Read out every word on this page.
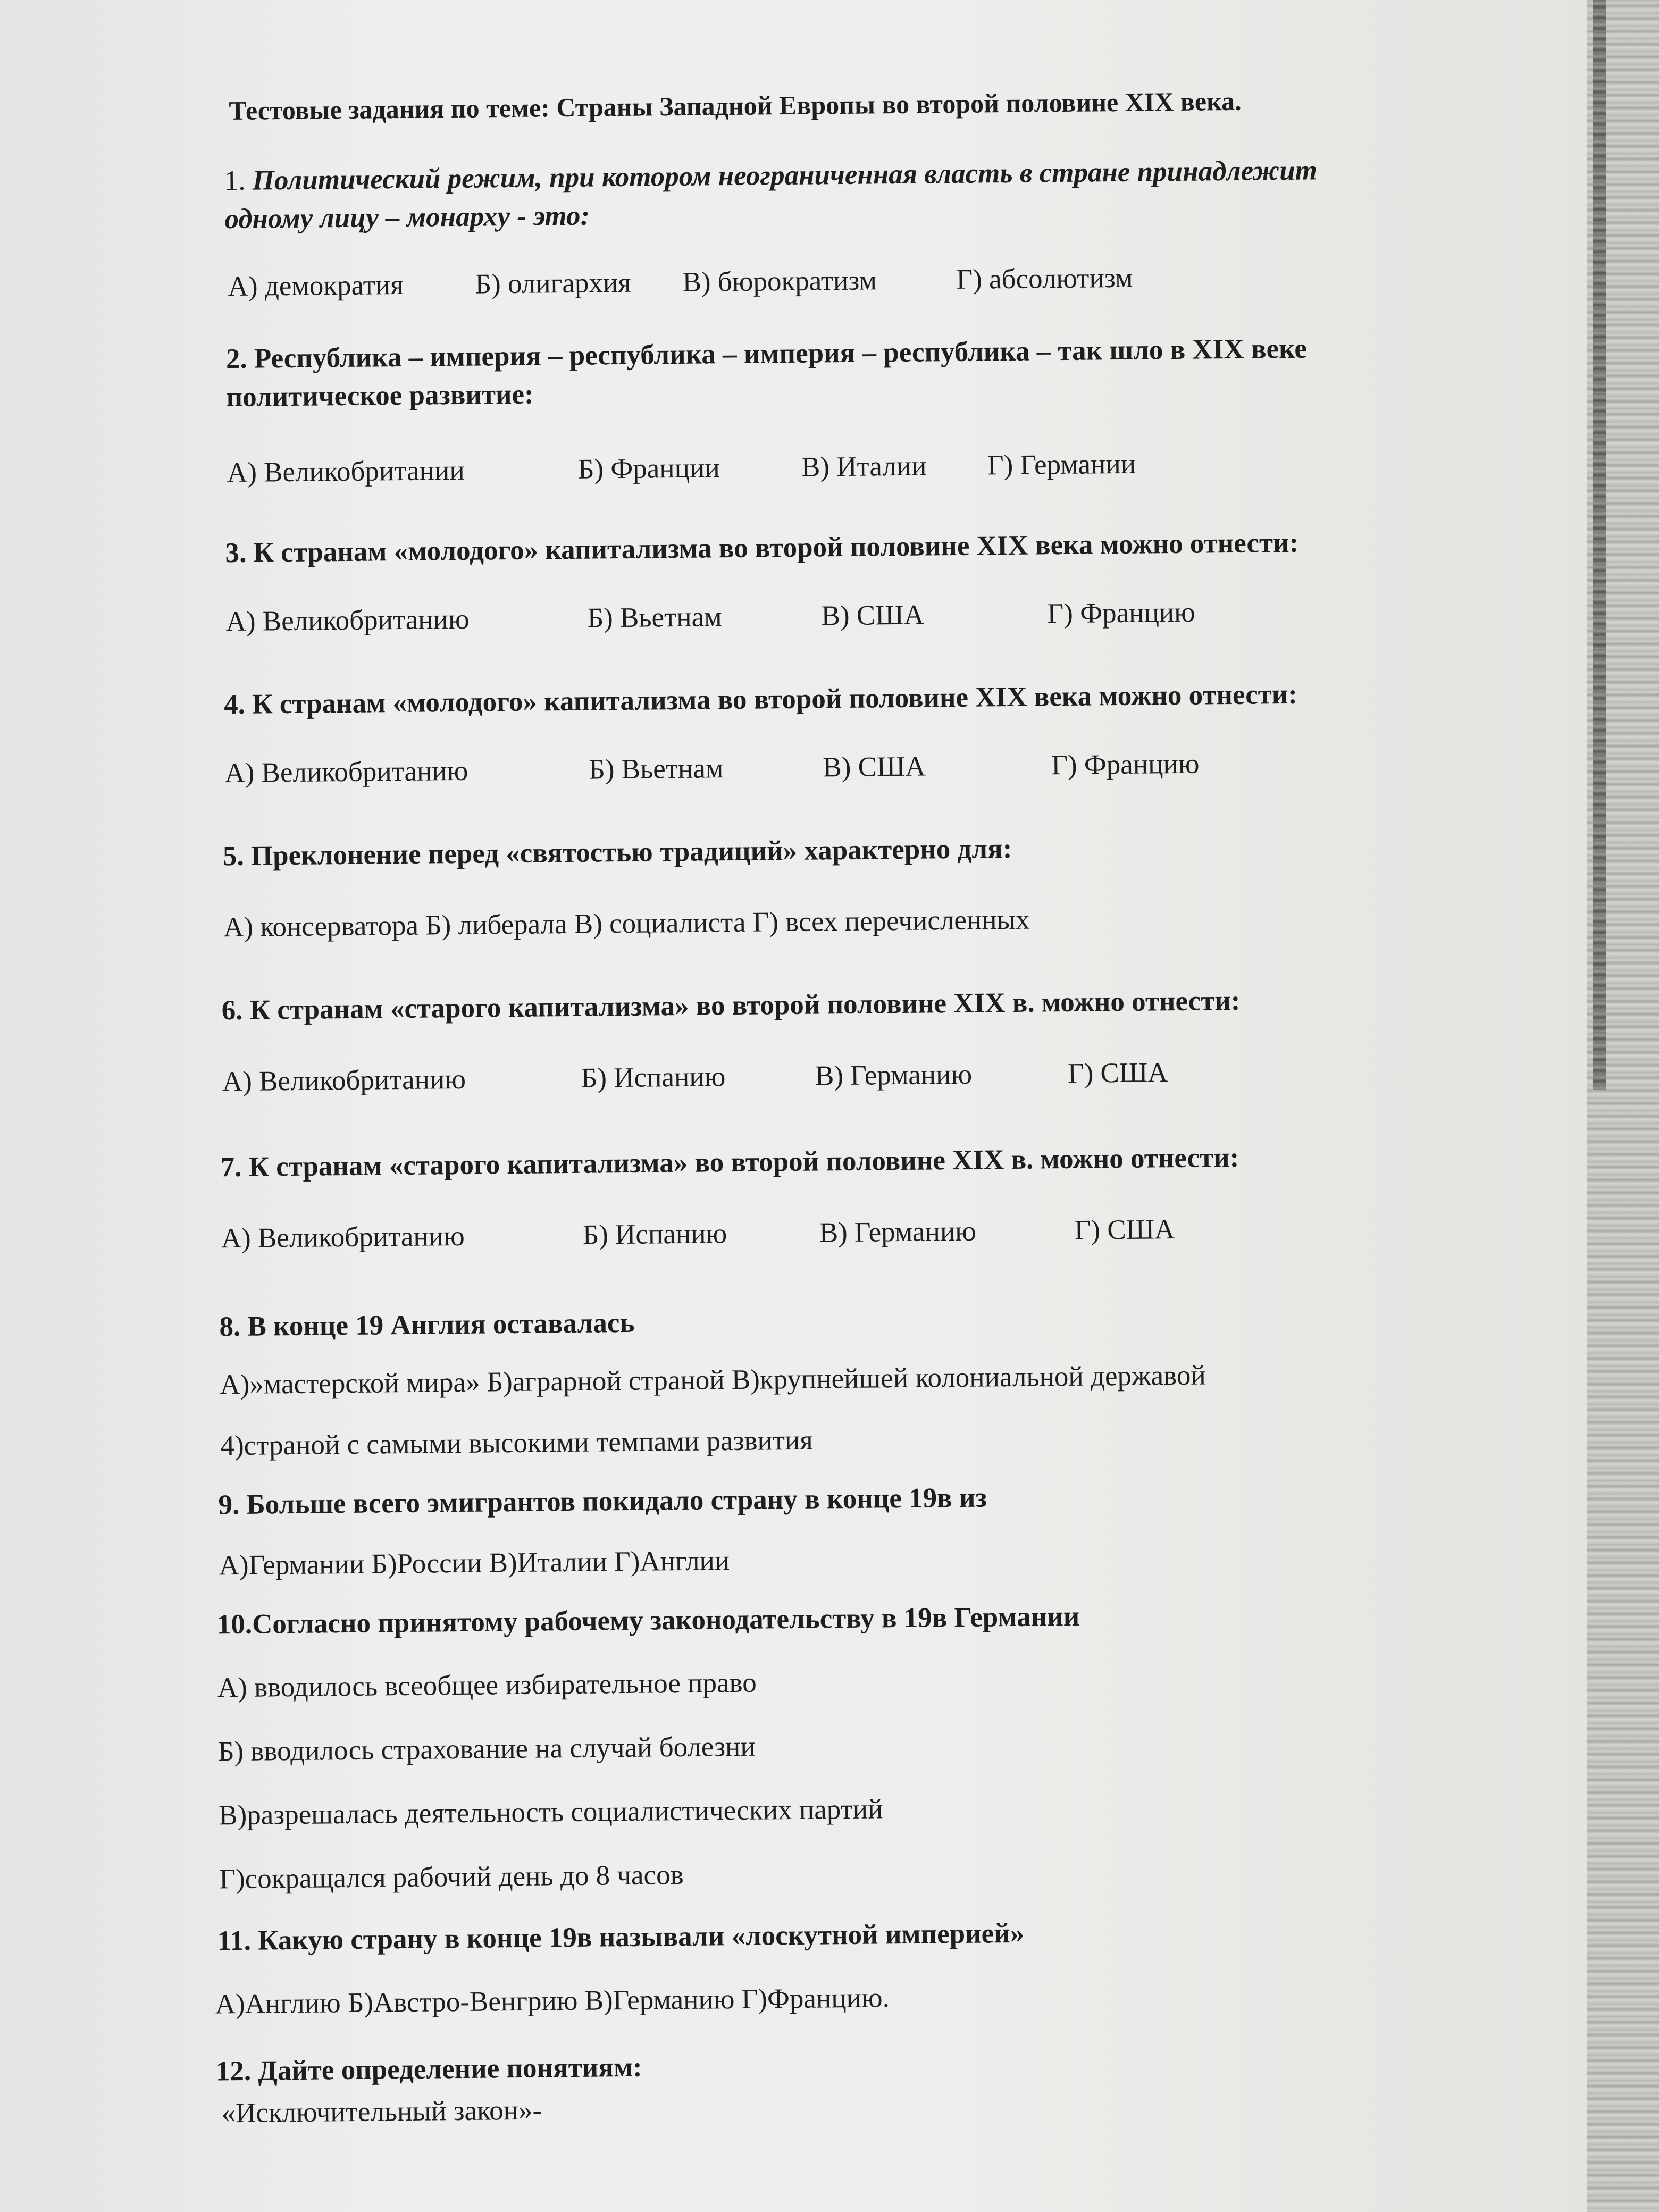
Тестовые задания по теме: Страны Западной Европы во второй половине XIX века.
1. Политический режим, при котором неограниченная власть в стране принадлежит
одному лицу – монарху - это:
А) демократия	Б) олигархия В) бюрократизм	Г) абсолютизм
2. Республика – империя – республика – империя – республика – так шло в XIX веке
политическое развитие:
А) Великобритании	Б) Франции	В) Италии Г) Германии
3. К странам «молодого» капитализма во второй половине XIX века можно отнести:
А) Великобританию	Б) Вьетнам	В) США	Г) Францию
4. К странам «молодого» капитализма во второй половине XIX века можно отнести:
А) Великобританию	Б) Вьетнам	В) США	Г) Францию
5. Преклонение перед «святостью традиций» характерно для:
А) консерватора Б) либерала В) социалиста Г) всех перечисленных
6. К странам «старого капитализма» во второй половине XIX в. можно отнести:
А) Великобританию	Б) Испанию	В) Германию	Г) США
7. К странам «старого капитализма» во второй половине XIX в. можно отнести:
А) Великобританию	Б) Испанию	В) Германию	Г) США
8. В конце 19 Англия оставалась
А)»мастерской мира» Б)аграрной страной В)крупнейшей колониальной державой
4)страной с самыми высокими темпами развития
9. Больше всего эмигрантов покидало страну в конце 19в из
А)Германии Б)России В)Италии Г)Англии
10.Согласно принятому рабочему законодательству в 19в Германии
А) вводилось всеобщее избирательное право
Б) вводилось страхование на случай болезни
В)разрешалась деятельность социалистических партий
Г)сокращался рабочий день до 8 часов
11. Какую страну в конце 19в называли «лоскутной империей»
А)Англию Б)Австро-Венгрию В)Германию Г)Францию.
12. Дайте определение понятиям:
«Исключительный закон»-
